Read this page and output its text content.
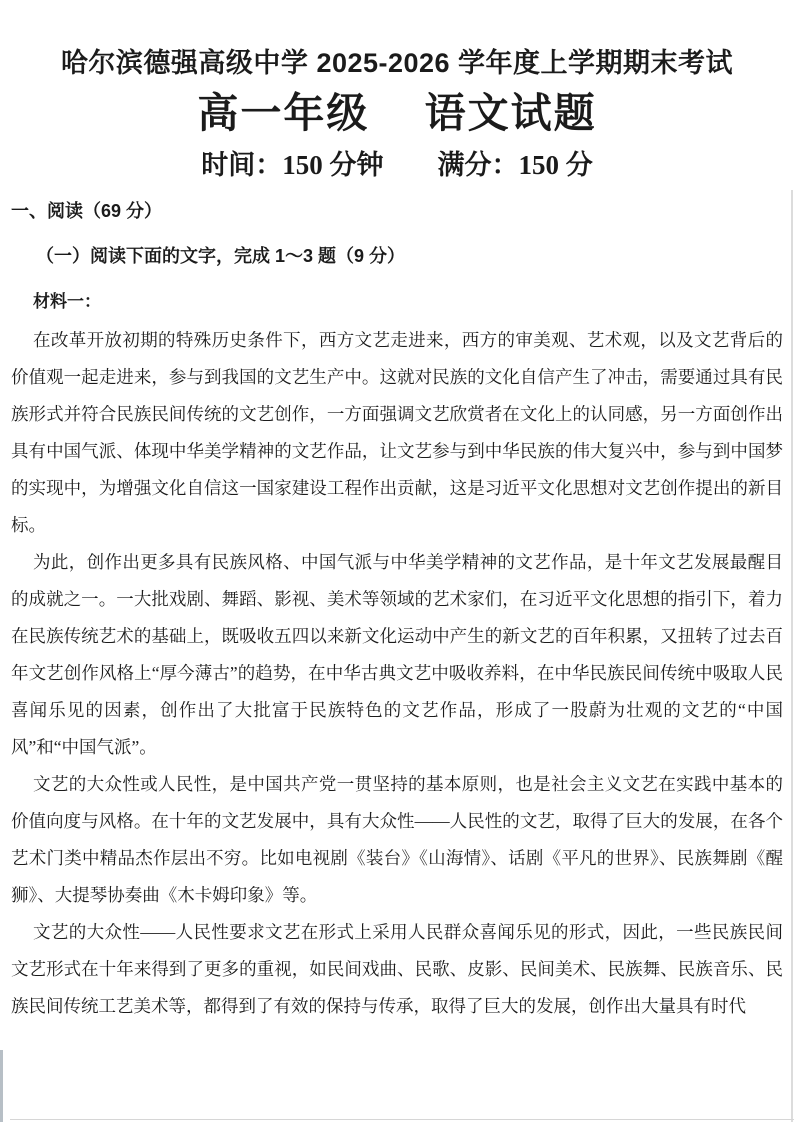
哈尔滨德强高级中学 2025-2026 学年度上学期期末考试
高一年级　 语文试题
时间：150 分钟　　满分：150 分
一、阅读（69 分）
（一）阅读下面的文字，完成 1～3 题（9 分）
材料一：

在改革开放初期的特殊历史条件下，西方文艺走进来，西方的审美观、艺术观，以及文艺背后的价值观一起走进来，参与到我国的文艺生产中。这就对民族的文化自信产生了冲击，需要通过具有民族形式并符合民族民间传统的文艺创作，一方面强调文艺欣赏者在文化上的认同感，另一方面创作出具有中国气派、体现中华美学精神的文艺作品，让文艺参与到中华民族的伟大复兴中，参与到中国梦的实现中，为增强文化自信这一国家建设工程作出贡献，这是习近平文化思想对文艺创作提出的新目标。

为此，创作出更多具有民族风格、中国气派与中华美学精神的文艺作品，是十年文艺发展最醒目的成就之一。一大批戏剧、舞蹈、影视、美术等领域的艺术家们，在习近平文化思想的指引下，着力在民族传统艺术的基础上，既吸收五四以来新文化运动中产生的新文艺的百年积累，又扭转了过去百年文艺创作风格上“厚今薄古”的趋势，在中华古典文艺中吸收养料，在中华民族民间传统中吸取人民喜闻乐见的因素，创作出了大批富于民族特色的文艺作品，形成了一股蔚为壮观的文艺的“中国风”和“中国气派”。

文艺的大众性或人民性，是中国共产党一贯坚持的基本原则，也是社会主义文艺在实践中基本的价值向度与风格。在十年的文艺发展中，具有大众性——人民性的文艺，取得了巨大的发展，在各个艺术门类中精品杰作层出不穷。比如电视剧《装台》《山海情》、话剧《平凡的世界》、民族舞剧《醒狮》、大提琴协奏曲《木卡姆印象》等。

文艺的大众性——人民性要求文艺在形式上采用人民群众喜闻乐见的形式，因此，一些民族民间文艺形式在十年来得到了更多的重视，如民间戏曲、民歌、皮影、民间美术、民族舞、民族音乐、民族民间传统工艺美术等，都得到了有效的保持与传承，取得了巨大的发展，创作出大量具有时代
